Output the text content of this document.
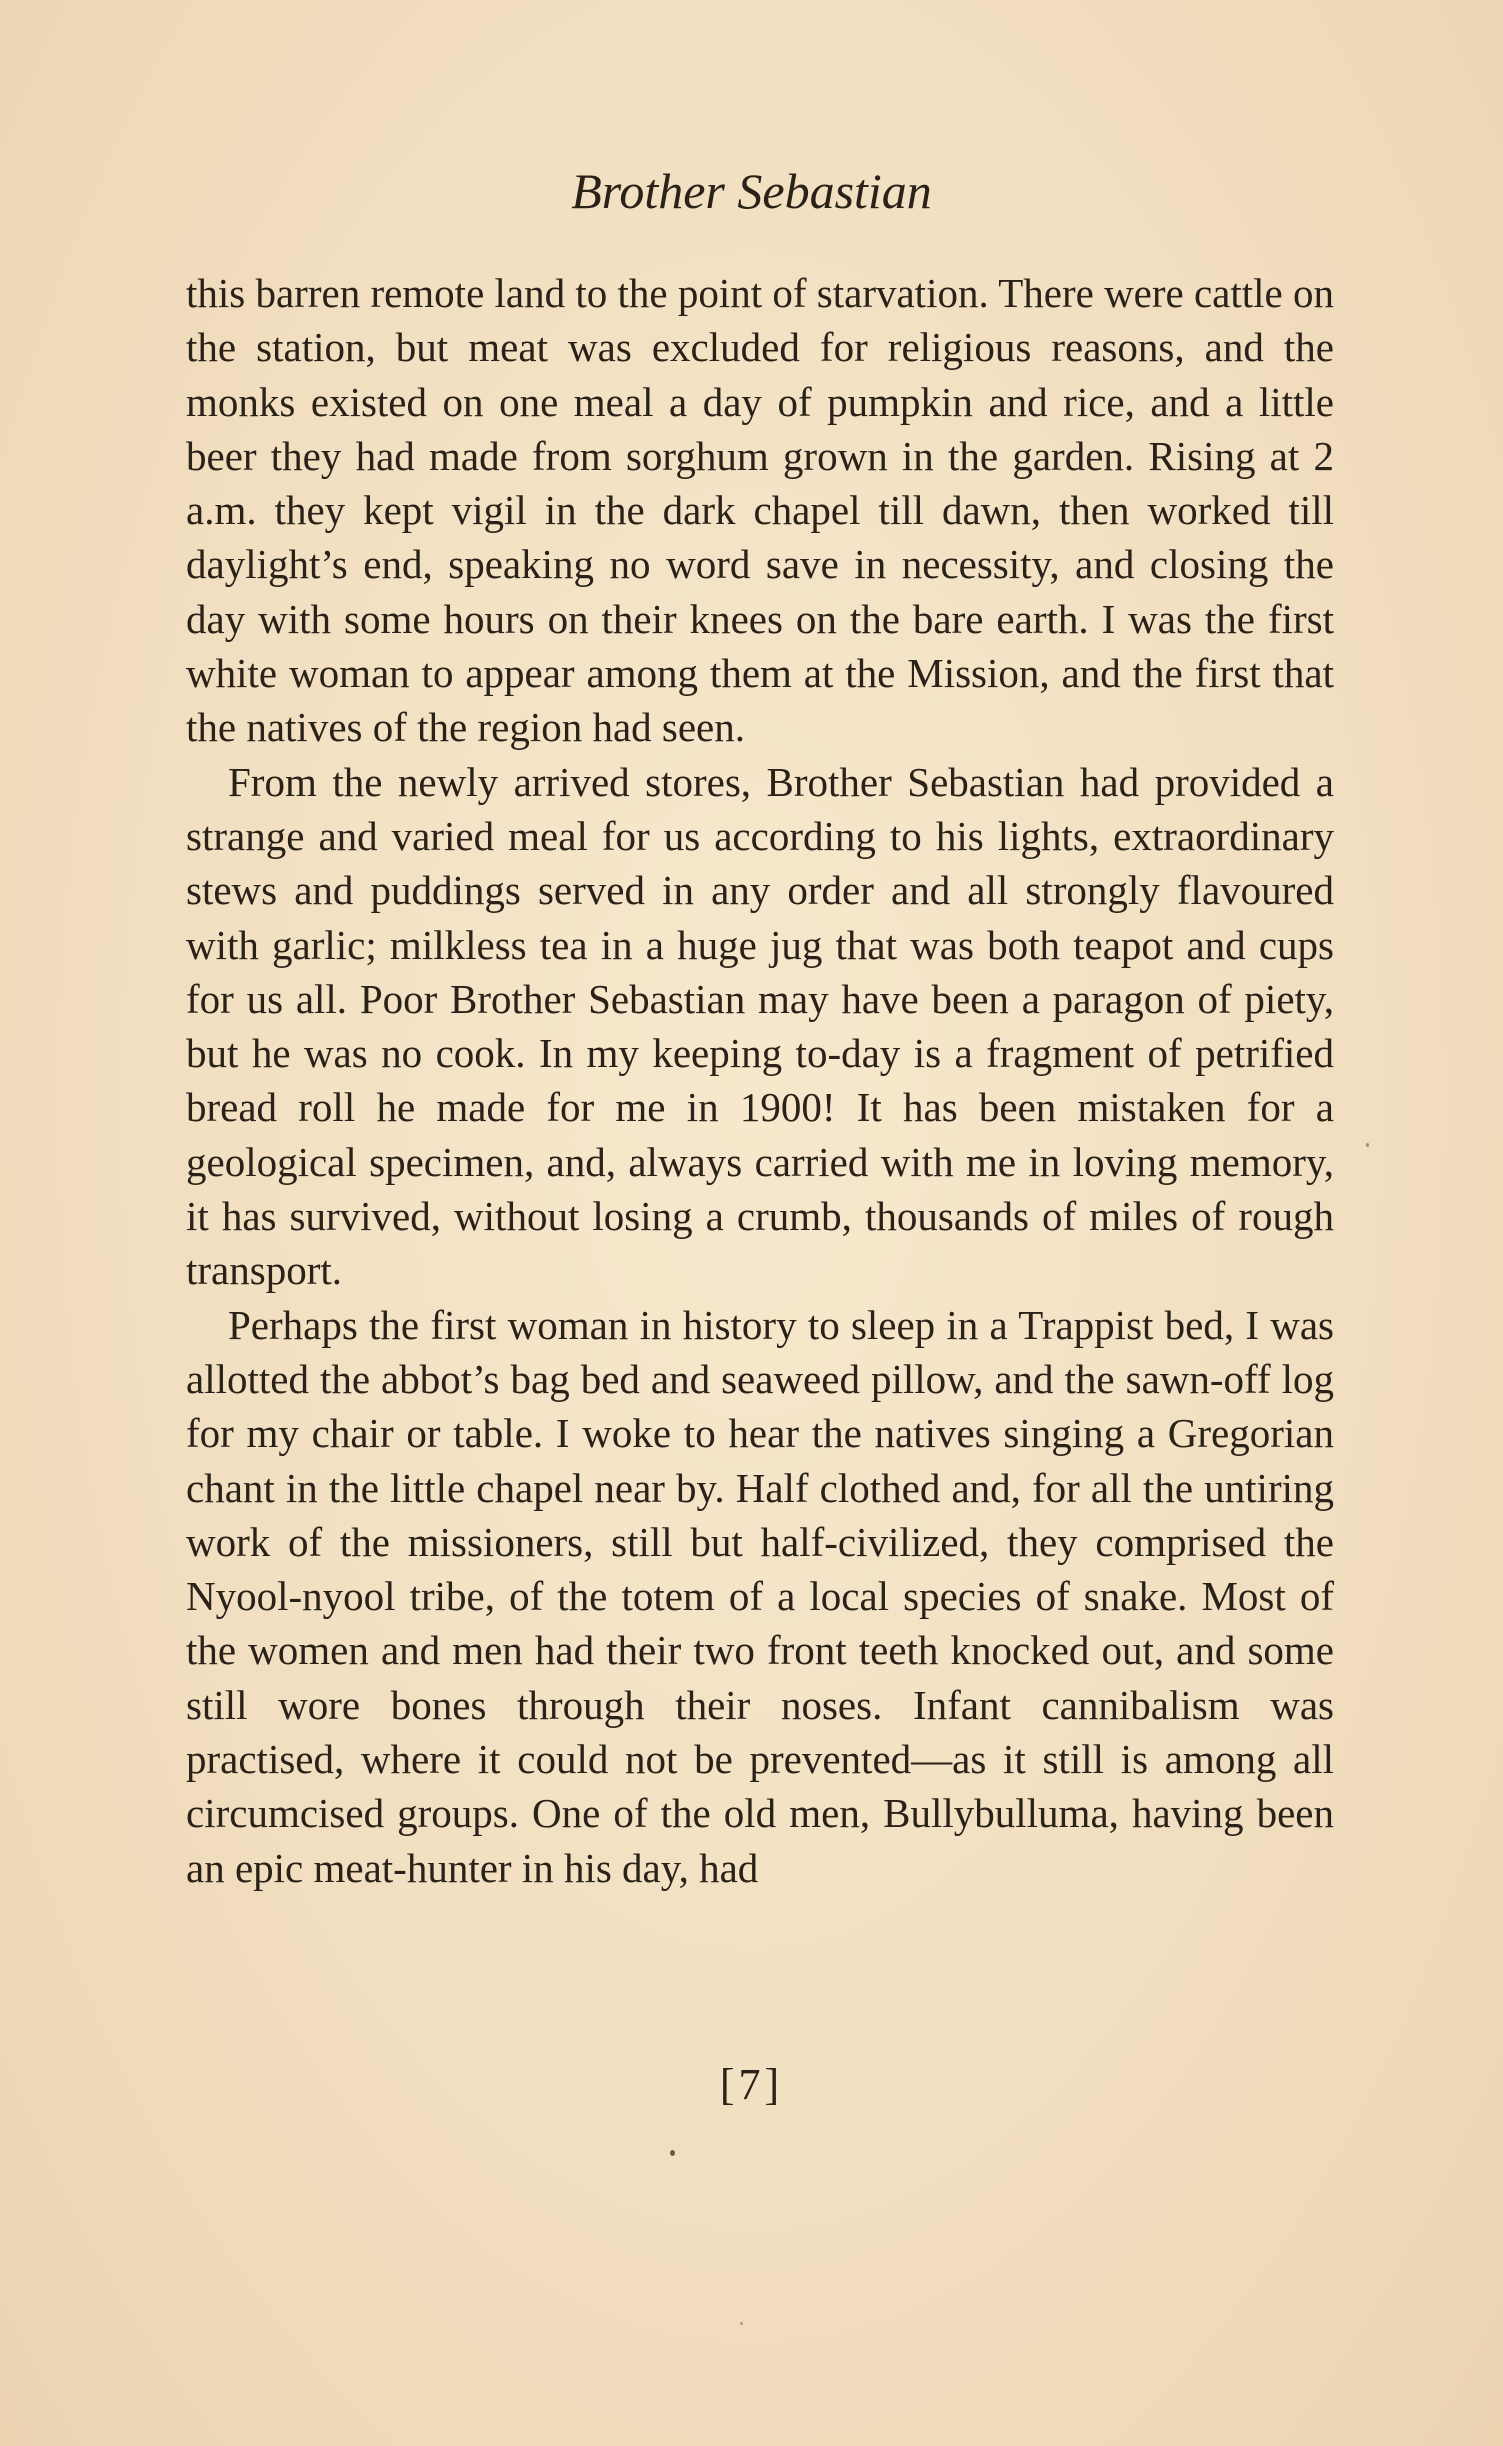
Brother Sebastian

this barren remote land to the point of starvation. There were cattle on the station, but meat was excluded for religious reasons, and the monks existed on one meal a day of pumpkin and rice, and a little beer they had made from sorghum grown in the garden. Rising at 2 a.m. they kept vigil in the dark chapel till dawn, then worked till daylight’s end, speaking no word save in necessity, and closing the day with some hours on their knees on the bare earth. I was the first white woman to appear among them at the Mission, and the first that the natives of the region had seen.

From the newly arrived stores, Brother Sebastian had provided a strange and varied meal for us according to his lights, extraordinary stews and puddings served in any order and all strongly flavoured with garlic; milkless tea in a huge jug that was both teapot and cups for us all. Poor Brother Sebastian may have been a paragon of piety, but he was no cook. In my keeping to-day is a fragment of petrified bread roll he made for me in 1900! It has been mistaken for a geological specimen, and, always carried with me in loving memory, it has survived, without losing a crumb, thousands of miles of rough transport.

Perhaps the first woman in history to sleep in a Trappist bed, I was allotted the abbot’s bag bed and seaweed pillow, and the sawn-off log for my chair or table. I woke to hear the natives singing a Gregorian chant in the little chapel near by. Half clothed and, for all the untiring work of the missioners, still but half-civilized, they comprised the Nyool-nyool tribe, of the totem of a local species of snake. Most of the women and men had their two front teeth knocked out, and some still wore bones through their noses. Infant cannibalism was practised, where it could not be prevented—as it still is among all circumcised groups. One of the old men, Bullybulluma, having been an epic meat-hunter in his day, had

[7]
